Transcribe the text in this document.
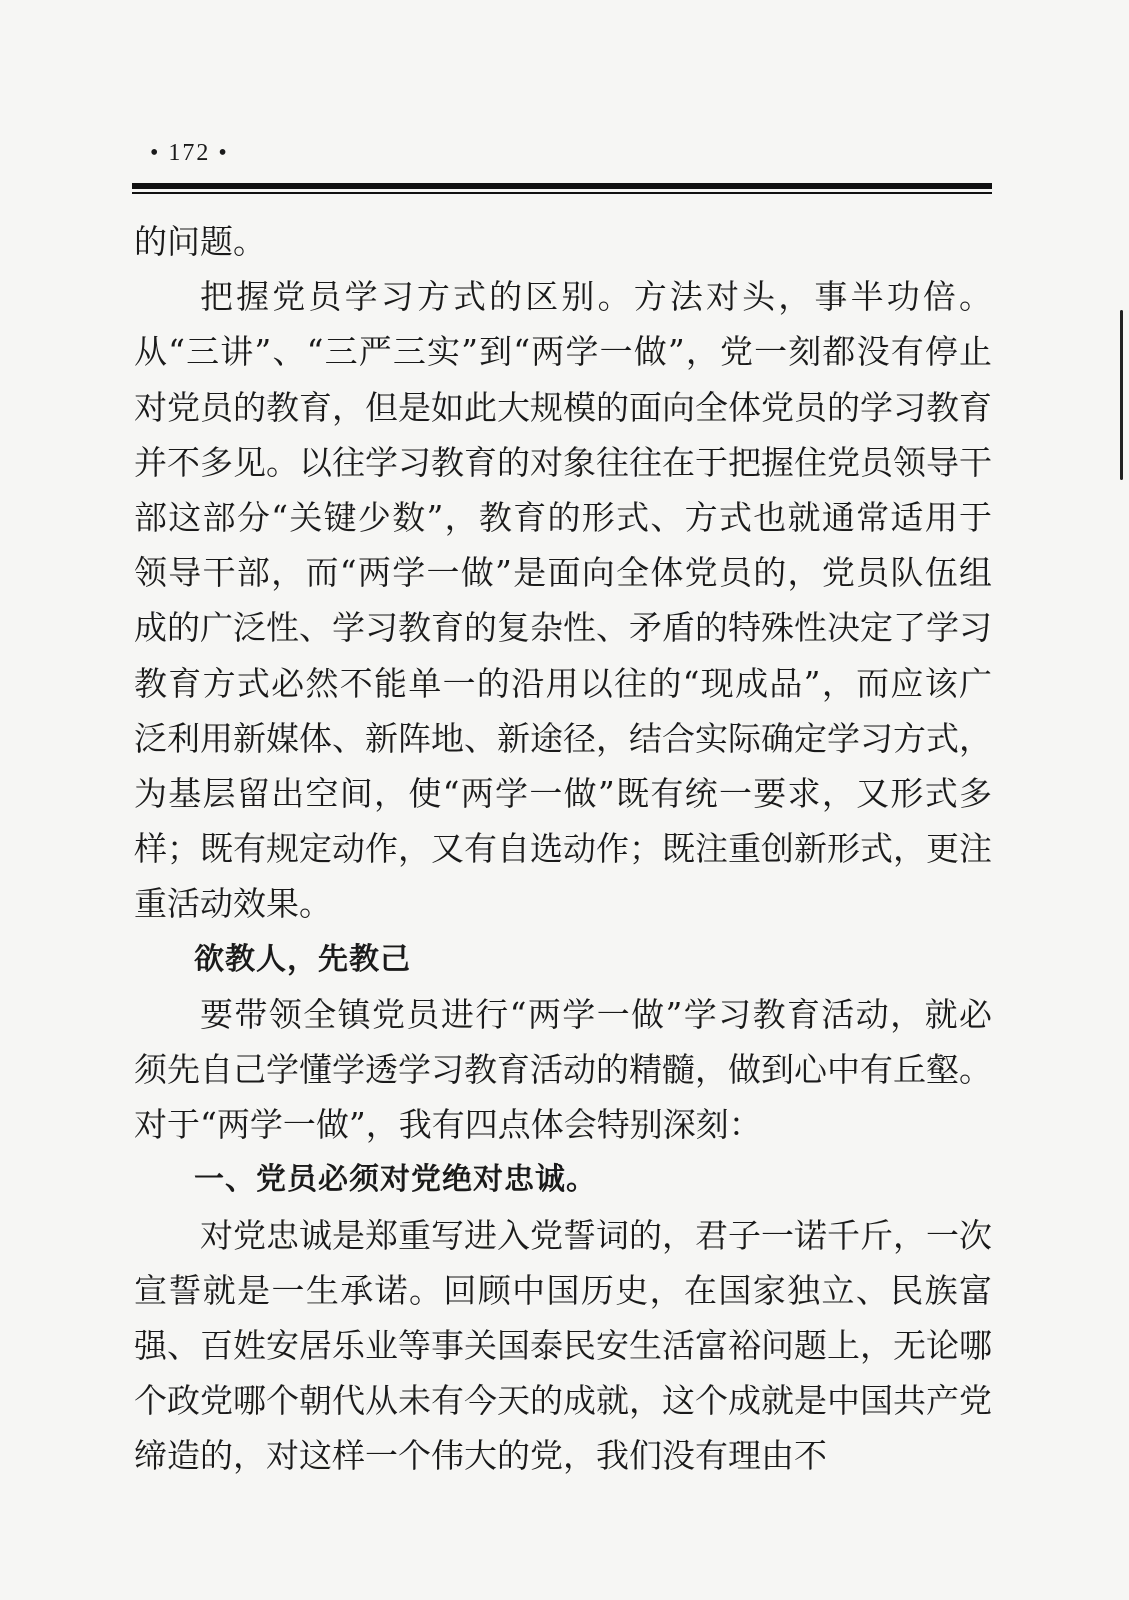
• 172 •

的问题。

把握党员学习方式的区别。方法对头，事半功倍。从“三讲”、“三严三实”到“两学一做”，党一刻都没有停止对党员的教育，但是如此大规模的面向全体党员的学习教育并不多见。以往学习教育的对象往往在于把握住党员领导干部这部分“关键少数”，教育的形式、方式也就通常适用于领导干部，而“两学一做”是面向全体党员的，党员队伍组成的广泛性、学习教育的复杂性、矛盾的特殊性决定了学习教育方式必然不能单一的沿用以往的“现成品”，而应该广泛利用新媒体、新阵地、新途径，结合实际确定学习方式，为基层留出空间，使“两学一做”既有统一要求，又形式多样；既有规定动作，又有自选动作；既注重创新形式，更注重活动效果。

欲教人，先教己

要带领全镇党员进行“两学一做”学习教育活动，就必须先自己学懂学透学习教育活动的精髓，做到心中有丘壑。对于“两学一做”，我有四点体会特别深刻：

一、党员必须对党绝对忠诚。

对党忠诚是郑重写进入党誓词的，君子一诺千斤，一次宣誓就是一生承诺。回顾中国历史，在国家独立、民族富强、百姓安居乐业等事关国泰民安生活富裕问题上，无论哪个政党哪个朝代从未有今天的成就，这个成就是中国共产党缔造的，对这样一个伟大的党，我们没有理由不
